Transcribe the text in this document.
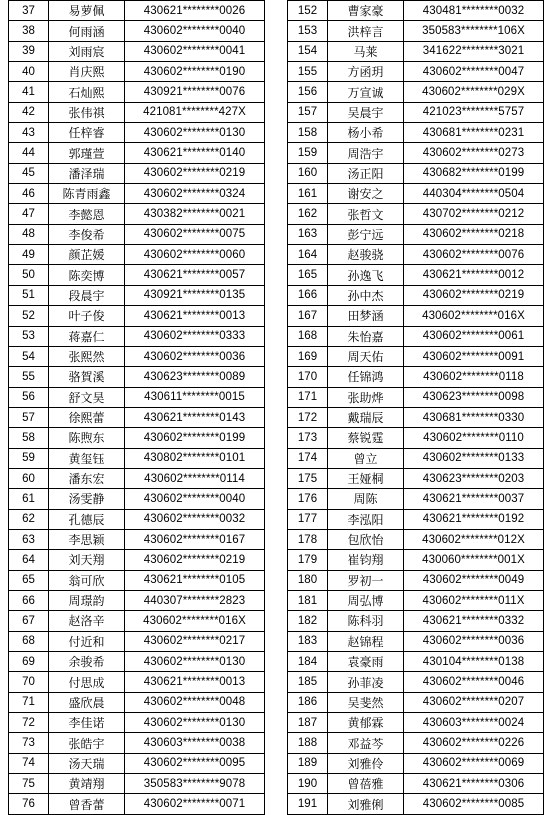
37	易萝佩	430621********0026
38	何雨涵	430602********0040
39	刘雨宸	430602********0041
40	肖庆熙	430602********0190
41	石灿熙	430921********0076
42	张伟祺	421081********427X
43	任梓睿	430602********0130
44	郭瑾萱	430621********0140
45	潘泽瑞	430602********0219
46	陈青雨鑫	430602********0324
47	李懿恩	430382********0021
48	李俊希	430602********0075
49	颜芷媛	430602********0060
50	陈奕博	430621********0057
51	段晨宇	430921********0135
52	叶子俊	430621********0013
53	蒋嘉仁	430602********0333
54	张熙然	430602********0036
55	骆賀溪	430623********0089
56	舒文昊	430611********0015
57	徐熙蕾	430621********0143
58	陈煦东	430602********0199
59	黄玺钰	430802********0101
60	潘东宏	430602********0114
61	汤雯静	430602********0040
62	孔德辰	430602********0032
63	李思颖	430602********0167
64	刘天翔	430602********0219
65	翁可欣	430621********0105
66	周璟韵	440307********2823
67	赵洛辛	430602********016X
68	付近和	430602********0217
69	余骏希	430602********0130
70	付思成	430621********0013
71	盛欣晨	430602********0048
72	李佳诺	430602********0130
73	张皓宇	430603********0038
74	汤天瑞	430602********0095
75	黄靖翔	350583********9078
76	曾香蕾	430602********0071
152	曹家豪	430481********0032
153	洪梓言	350583********106X
154	马莱	341622********3021
155	方函玥	430602********0047
156	万宣诚	430602********029X
157	吴晨宇	421023********5757
158	杨小希	430681********0231
159	周浩宇	430602********0273
160	汤正阳	430682********0199
161	谢安之	440304********0504
162	张哲文	430702********0212
163	彭宁远	430602********0218
164	赵骏骁	430602********0076
165	孙逸飞	430621********0012
166	孙中杰	430602********0219
167	田梦涵	430602********016X
168	朱怡嘉	430602********0061
169	周天佑	430602********0091
170	任锦鸿	430602********0118
171	张助烨	430623********0098
172	戴瑞辰	430681********0330
173	蔡锐霆	430602********0110
174	曾立	430602********0133
175	王娅桐	430623********0203
176	周陈	430621********0037
177	李泓阳	430621********0192
178	包欣怡	430602********012X
179	崔钧翔	430060********001X
180	罗初一	430602********0049
181	周弘博	430602********011X
182	陈科羽	430621********0332
183	赵锦程	430602********0036
184	袁豪雨	430104********0138
185	孙菲凌	430602********0046
186	吴斐然	430602********0207
187	黄郁霖	430603********0024
188	邓益芩	430602********0226
189	刘雅伶	430602********0069
190	曾蓓雅	430621********0306
191	刘雅俐	430602********0085
